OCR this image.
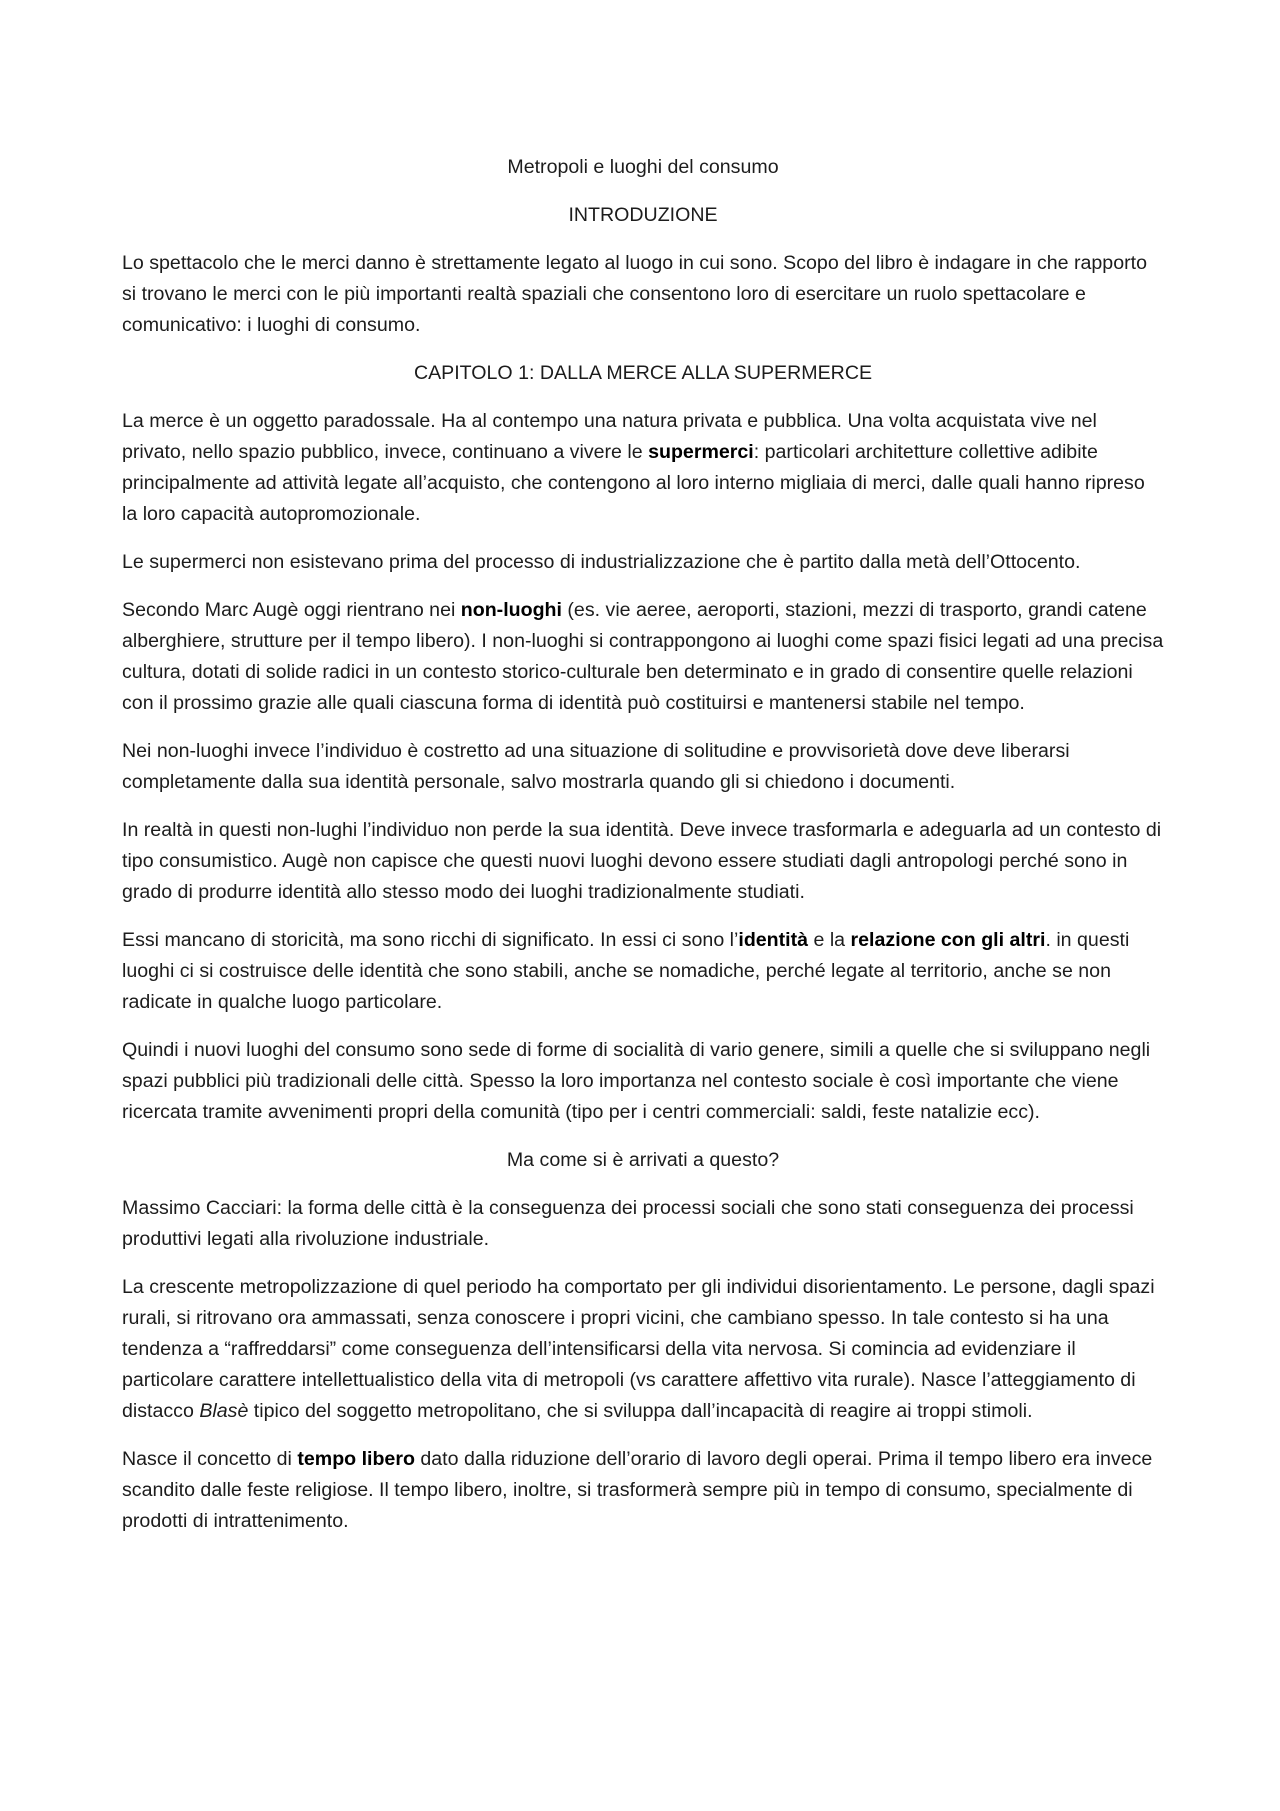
Metropoli e luoghi del consumo

INTRODUZIONE

Lo spettacolo che le merci danno è strettamente legato al luogo in cui sono. Scopo del libro è indagare in che rapporto si trovano le merci con le più importanti realtà spaziali che consentono loro di esercitare un ruolo spettacolare e comunicativo: i luoghi di consumo.

CAPITOLO 1: DALLA MERCE ALLA SUPERMERCE

La merce è un oggetto paradossale. Ha al contempo una natura privata e pubblica. Una volta acquistata vive nel privato, nello spazio pubblico, invece, continuano a vivere le supermerci: particolari architetture collettive adibite principalmente ad attività legate all’acquisto, che contengono al loro interno migliaia di merci, dalle quali hanno ripreso la loro capacità autopromozionale.

Le supermerci non esistevano prima del processo di industrializzazione che è partito dalla metà dell’Ottocento.

Secondo Marc Augè oggi rientrano nei non-luoghi (es. vie aeree, aeroporti, stazioni, mezzi di trasporto, grandi catene alberghiere, strutture per il tempo libero). I non-luoghi si contrappongono ai luoghi come spazi fisici legati ad una precisa cultura, dotati di solide radici in un contesto storico-culturale ben determinato e in grado di consentire quelle relazioni con il prossimo grazie alle quali ciascuna forma di identità può costituirsi e mantenersi stabile nel tempo.

Nei non-luoghi invece l’individuo è costretto ad una situazione di solitudine e provvisorietà dove deve liberarsi completamente dalla sua identità personale, salvo mostrarla quando gli si chiedono i documenti.

In realtà in questi non-lughi l’individuo non perde la sua identità. Deve invece trasformarla e adeguarla ad un contesto di tipo consumistico. Augè non capisce che questi nuovi luoghi devono essere studiati dagli antropologi perché sono in grado di produrre identità allo stesso modo dei luoghi tradizionalmente studiati.

Essi mancano di storicità, ma sono ricchi di significato. In essi ci sono l’identità e la relazione con gli altri. in questi luoghi ci si costruisce delle identità che sono stabili, anche se nomadiche, perché legate al territorio, anche se non radicate in qualche luogo particolare.

Quindi i nuovi luoghi del consumo sono sede di forme di socialità di vario genere, simili a quelle che si sviluppano negli spazi pubblici più tradizionali delle città. Spesso la loro importanza nel contesto sociale è così importante che viene ricercata tramite avvenimenti propri della comunità (tipo per i centri commerciali: saldi, feste natalizie ecc).

Ma come si è arrivati a questo?

Massimo Cacciari: la forma delle città è la conseguenza dei processi sociali che sono stati conseguenza dei processi produttivi legati alla rivoluzione industriale.

La crescente metropolizzazione di quel periodo ha comportato per gli individui disorientamento. Le persone, dagli spazi rurali, si ritrovano ora ammassati, senza conoscere i propri vicini, che cambiano spesso. In tale contesto si ha una tendenza a “raffreddarsi” come conseguenza dell’intensificarsi della vita nervosa. Si comincia ad evidenziare il particolare carattere intellettualistico della vita di metropoli (vs carattere affettivo vita rurale). Nasce l’atteggiamento di distacco Blasè tipico del soggetto metropolitano, che si sviluppa dall’incapacità di reagire ai troppi stimoli.

Nasce il concetto di tempo libero dato dalla riduzione dell’orario di lavoro degli operai. Prima il tempo libero era invece scandito dalle feste religiose. Il tempo libero, inoltre, si trasformerà sempre più in tempo di consumo, specialmente di prodotti di intrattenimento.
